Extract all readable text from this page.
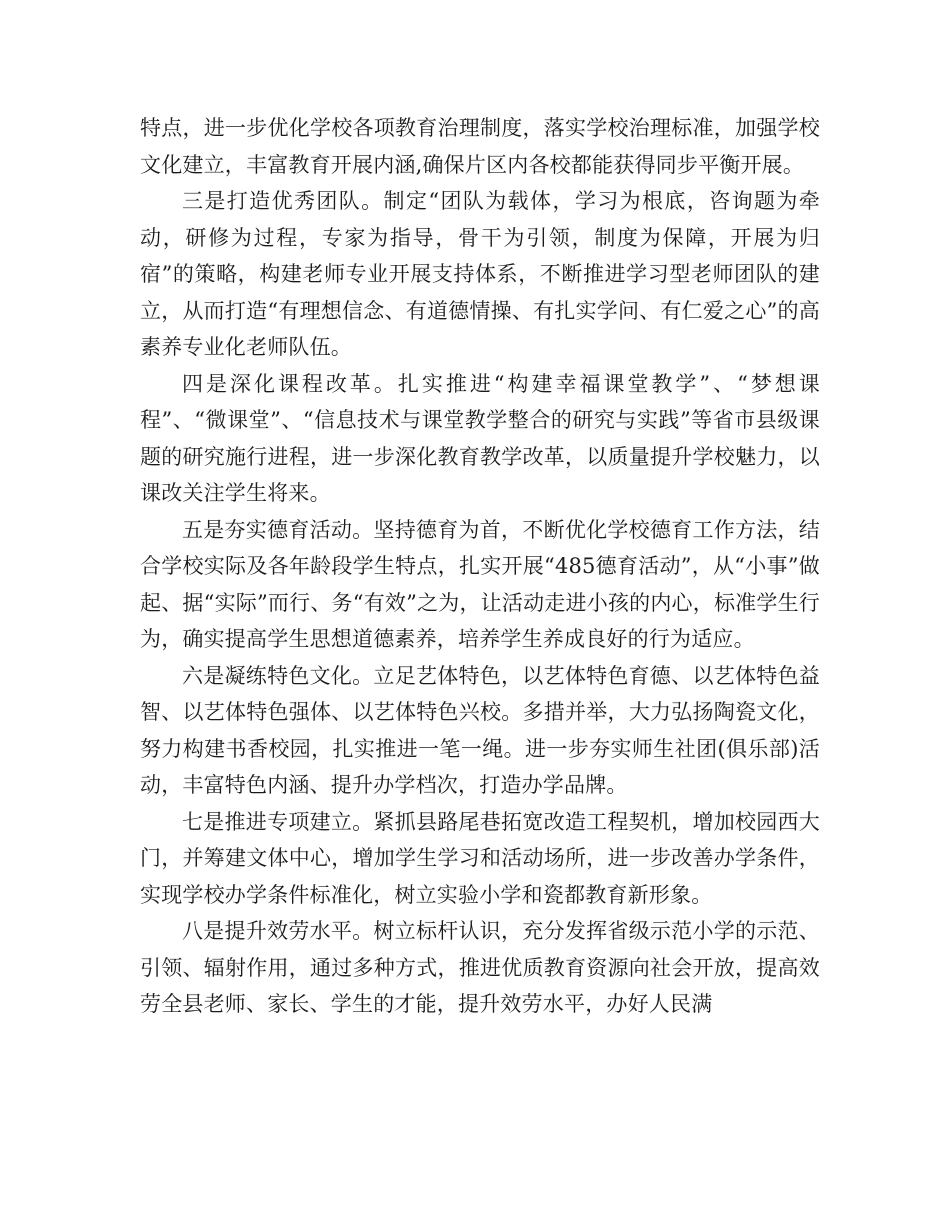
特点，进一步优化学校各项教育治理制度，落实学校治理标准，加强学校文化建立，丰富教育开展内涵,确保片区内各校都能获得同步平衡开展。

三是打造优秀团队。制定“团队为载体，学习为根底，咨询题为牵动，研修为过程，专家为指导，骨干为引领，制度为保障，开展为归宿”的策略，构建老师专业开展支持体系，不断推进学习型老师团队的建立，从而打造“有理想信念、有道德情操、有扎实学问、有仁爱之心”的高素养专业化老师队伍。

四是深化课程改革。扎实推进“构建幸福课堂教学”、“梦想课程”、“微课堂”、“信息技术与课堂教学整合的研究与实践”等省市县级课题的研究施行进程，进一步深化教育教学改革，以质量提升学校魅力，以课改关注学生将来。

五是夯实德育活动。坚持德育为首，不断优化学校德育工作方法，结合学校实际及各年龄段学生特点，扎实开展“485德育活动”，从“小事”做起、据“实际”而行、务“有效”之为，让活动走进小孩的内心，标准学生行为，确实提高学生思想道德素养，培养学生养成良好的行为适应。

六是凝练特色文化。立足艺体特色，以艺体特色育德、以艺体特色益智、以艺体特色强体、以艺体特色兴校。多措并举，大力弘扬陶瓷文化，努力构建书香校园，扎实推进一笔一绳。进一步夯实师生社团(俱乐部)活动，丰富特色内涵、提升办学档次，打造办学品牌。

七是推进专项建立。紧抓县路尾巷拓宽改造工程契机，增加校园西大门，并筹建文体中心，增加学生学习和活动场所，进一步改善办学条件，实现学校办学条件标准化，树立实验小学和瓷都教育新形象。

八是提升效劳水平。树立标杆认识，充分发挥省级示范小学的示范、引领、辐射作用，通过多种方式，推进优质教育资源向社会开放，提高效劳全县老师、家长、学生的才能，提升效劳水平，办好人民满
